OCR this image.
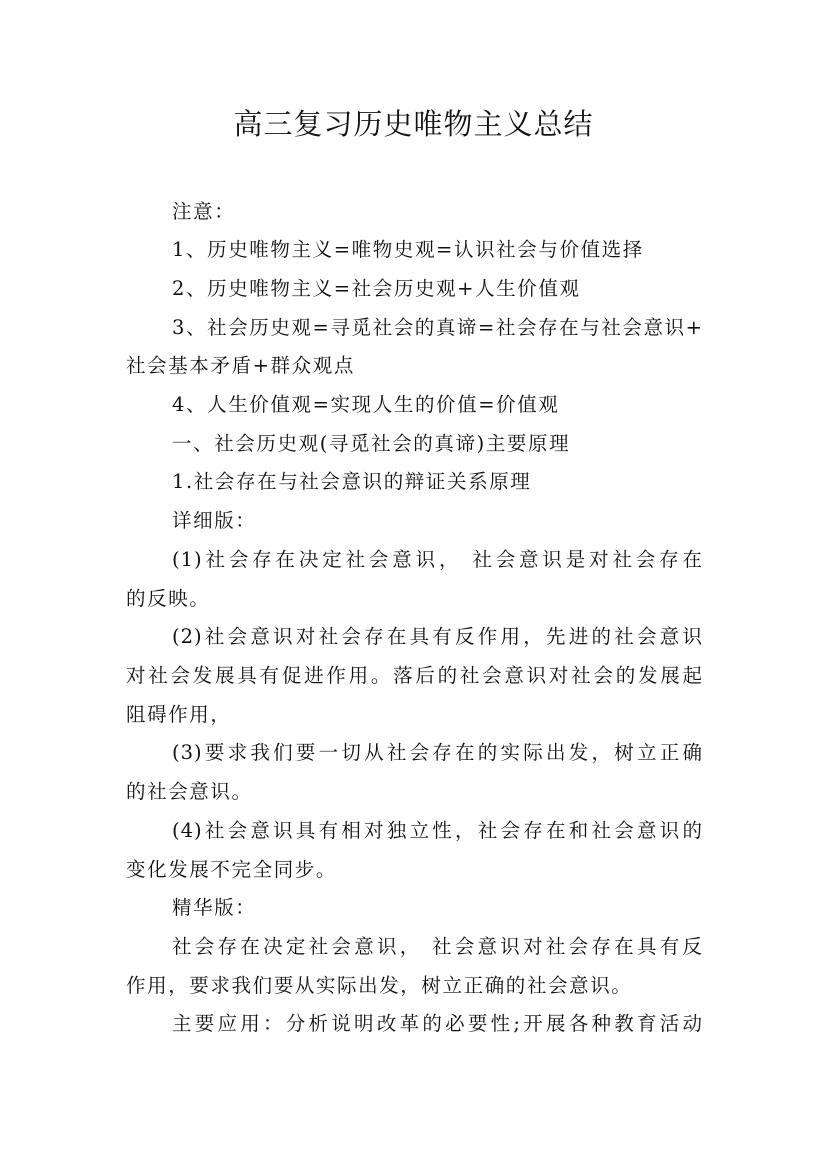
高三复习历史唯物主义总结
注意：
1、历史唯物主义=唯物史观=认识社会与价值选择
2、历史唯物主义=社会历史观+人生价值观
3、社会历史观=寻觅社会的真谛=社会存在与社会意识+
社会基本矛盾+群众观点
4、人生价值观=实现人生的价值=价值观
一、社会历史观(寻觅社会的真谛)主要原理
1.社会存在与社会意识的辩证关系原理
详细版：
(1)社会存在决定社会意识， 社会意识是对社会存在
的反映。
(2)社会意识对社会存在具有反作用，先进的社会意识
对社会发展具有促进作用。落后的社会意识对社会的发展起
阻碍作用，
(3)要求我们要一切从社会存在的实际出发，树立正确
的社会意识。
(4)社会意识具有相对独立性，社会存在和社会意识的
变化发展不完全同步。
精华版：
社会存在决定社会意识， 社会意识对社会存在具有反
作用，要求我们要从实际出发，树立正确的社会意识。
主要应用：分析说明改革的必要性;开展各种教育活动
